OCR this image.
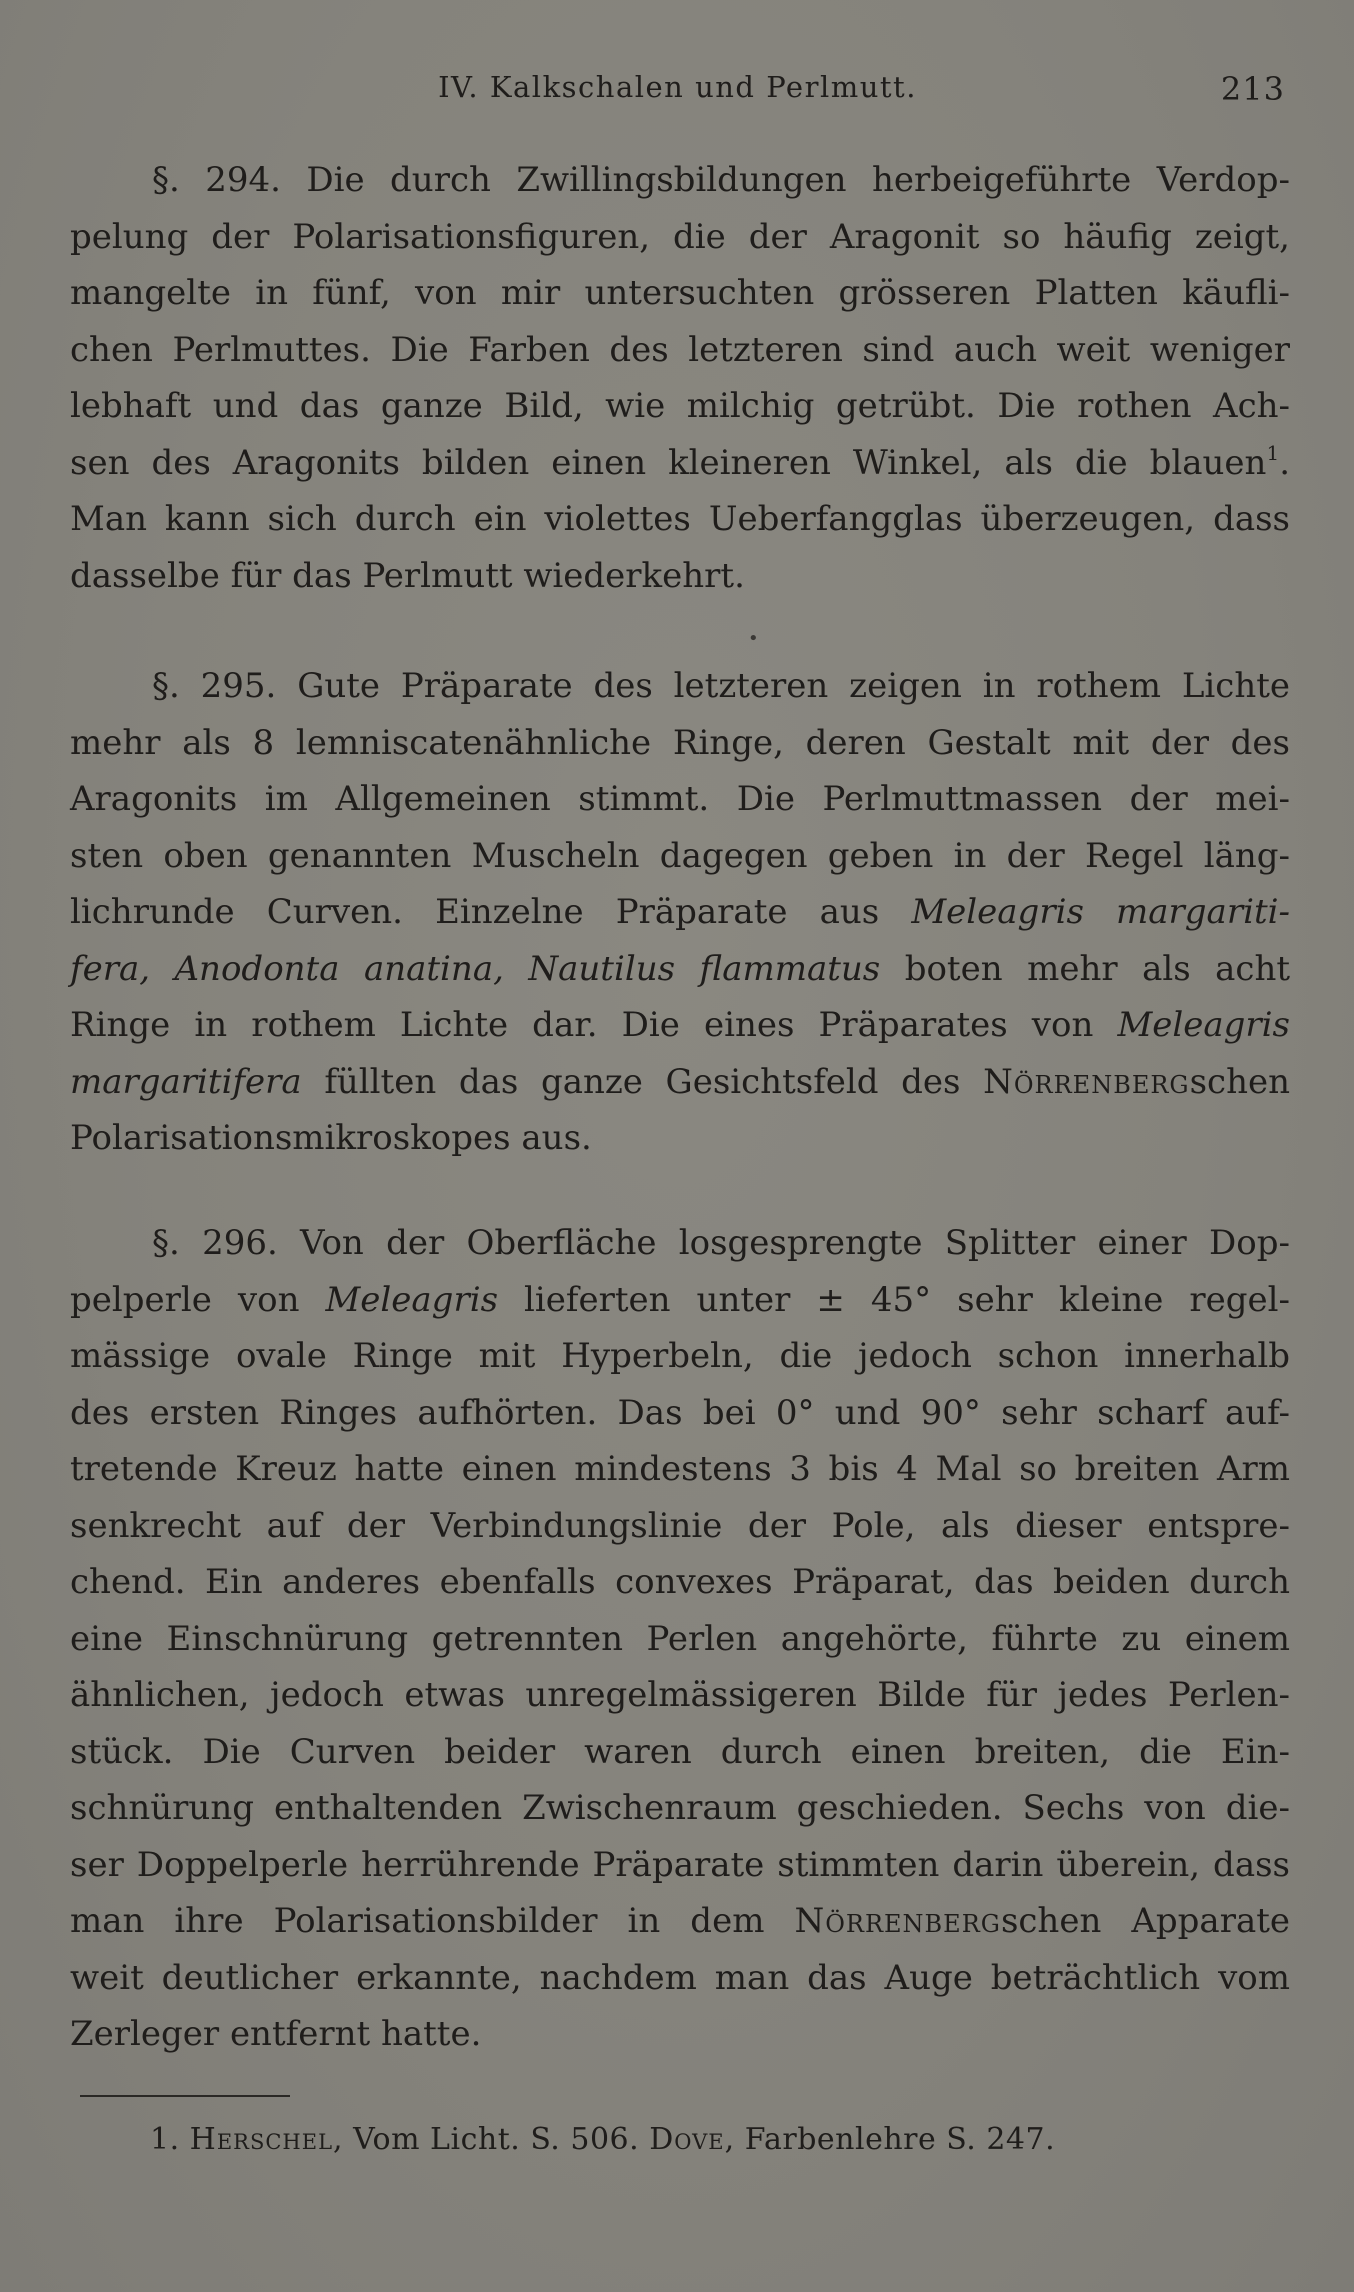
IV. Kalkschalen und Perlmutt.	213
§. 294. Die durch Zwillingsbildungen herbeigeführte Verdop-
pelung der Polarisationsfiguren, die der Aragonit so häufig zeigt,
mangelte in fünf, von mir untersuchten grösseren Platten käufli-
chen Perlmuttes. Die Farben des letzteren sind auch weit weniger
lebhaft und das ganze Bild, wie milchig getrübt. Die rothen Ach-
sen des Aragonits bilden einen kleineren Winkel, als die blauen$^1$.
Man kann sich durch ein violettes Ueberfangglas überzeugen, dass
dasselbe für das Perlmutt wiederkehrt.
•
§. 295. Gute Präparate des letzteren zeigen in rothem Lichte
mehr als 8 lemniscatenähnliche Ringe, deren Gestalt mit der des
Aragonits im Allgemeinen stimmt. Die Perlmuttmassen der mei-
sten oben genannten Muscheln dagegen geben in der Regel läng-
lichrunde Curven. Einzelne Präparate aus Meleagris margariti-
fera, Anodonta anatina, Nautilus flammatus boten mehr als acht
Ringe in rothem Lichte dar. Die eines Präparates von Meleagris
margaritifera füllten das ganze Gesichtsfeld des Nörrenbergschen
Polarisationsmikroskopes aus.
§. 296. Von der Oberfläche losgesprengte Splitter einer Dop-
pelperle von Meleagris lieferten unter ± 45° sehr kleine regel-
mässige ovale Ringe mit Hyperbeln, die jedoch schon innerhalb
des ersten Ringes aufhörten. Das bei 0° und 90° sehr scharf auf-
tretende Kreuz hatte einen mindestens 3 bis 4 Mal so breiten Arm
senkrecht auf der Verbindungslinie der Pole, als dieser entspre-
chend. Ein anderes ebenfalls convexes Präparat, das beiden durch
eine Einschnürung getrennten Perlen angehörte, führte zu einem
ähnlichen, jedoch etwas unregelmässigeren Bilde für jedes Perlen-
stück. Die Curven beider waren durch einen breiten, die Ein-
schnürung enthaltenden Zwischenraum geschieden. Sechs von die-
ser Doppelperle herrührende Präparate stimmten darin überein, dass
man ihre Polarisationsbilder in dem Nörrenbergschen Apparate
weit deutlicher erkannte, nachdem man das Auge beträchtlich vom
Zerleger entfernt hatte.
1. Herschel, Vom Licht. S. 506. Dove, Farbenlehre S. 247.
